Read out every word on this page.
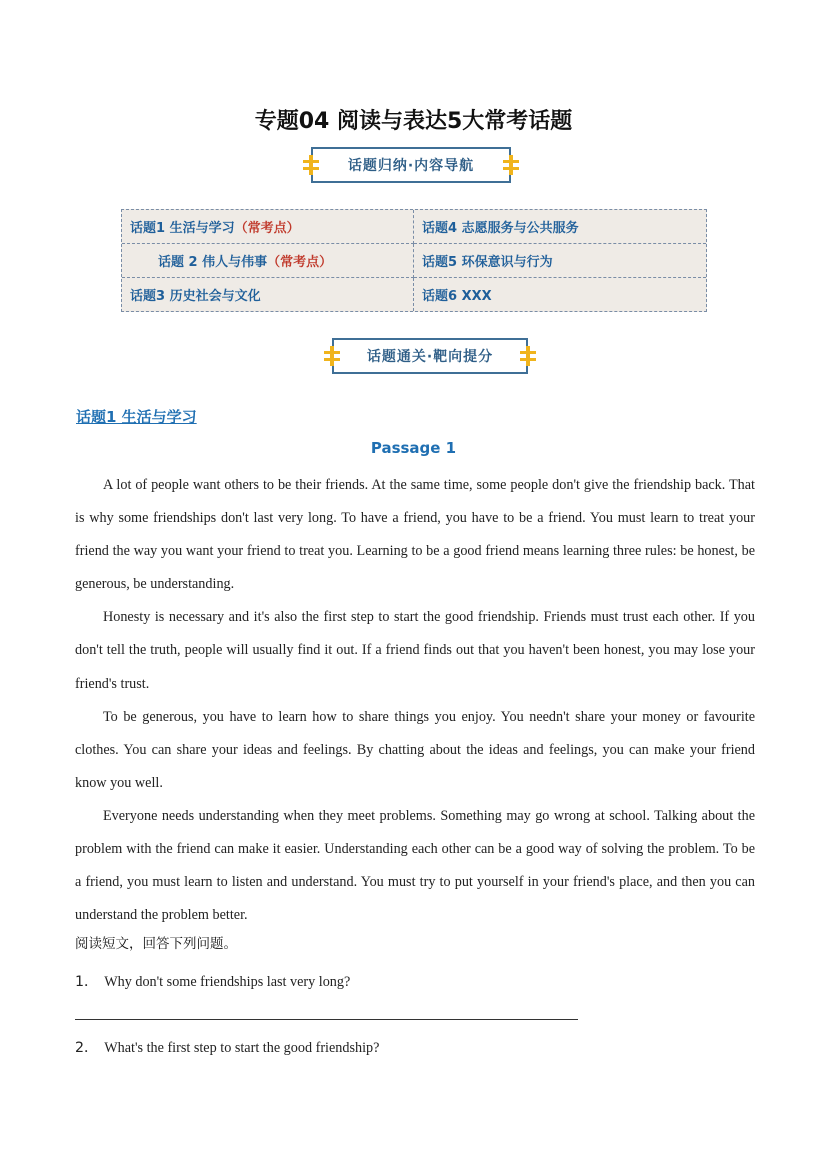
专题04 阅读与表达5大常考话题
话题归纳·内容导航
话题1 生活与学习 （常考点）	话题4 志愿服务与公共服务
话题 2 伟人与伟事 （常考点）	话题5 环保意识与行为
话题3 历史社会与文化	话题6 XXX
话题通关·靶向提分
话题1 生活与学习
Passage 1

A lot of people want others to be their friends. At the same time, some people don't give the friendship back. That is why some friendships don't last very long. To have a friend, you have to be a friend. You must learn to treat your friend the way you want your friend to treat you. Learning to be a good friend means learning three rules: be honest, be generous, be understanding.

Honesty is necessary and it's also the first step to start the good friendship. Friends must trust each other. If you don't tell the truth, people will usually find it out. If a friend finds out that you haven't been honest, you may lose your friend's trust.

To be generous, you have to learn how to share things you enjoy. You needn't share your money or favourite clothes. You can share your ideas and feelings. By chatting about the ideas and feelings, you can make your friend know you well.

Everyone needs understanding when they meet problems. Something may go wrong at school. Talking about the problem with the friend can make it easier. Understanding each other can be a good way of solving the problem. To be a friend, you must learn to listen and understand. You must try to put yourself in your friend's place, and then you can understand the problem better.

阅读短文，回答下列问题。
1． Why don't some friendships last very long?
2． What's the first step to start the good friendship?
